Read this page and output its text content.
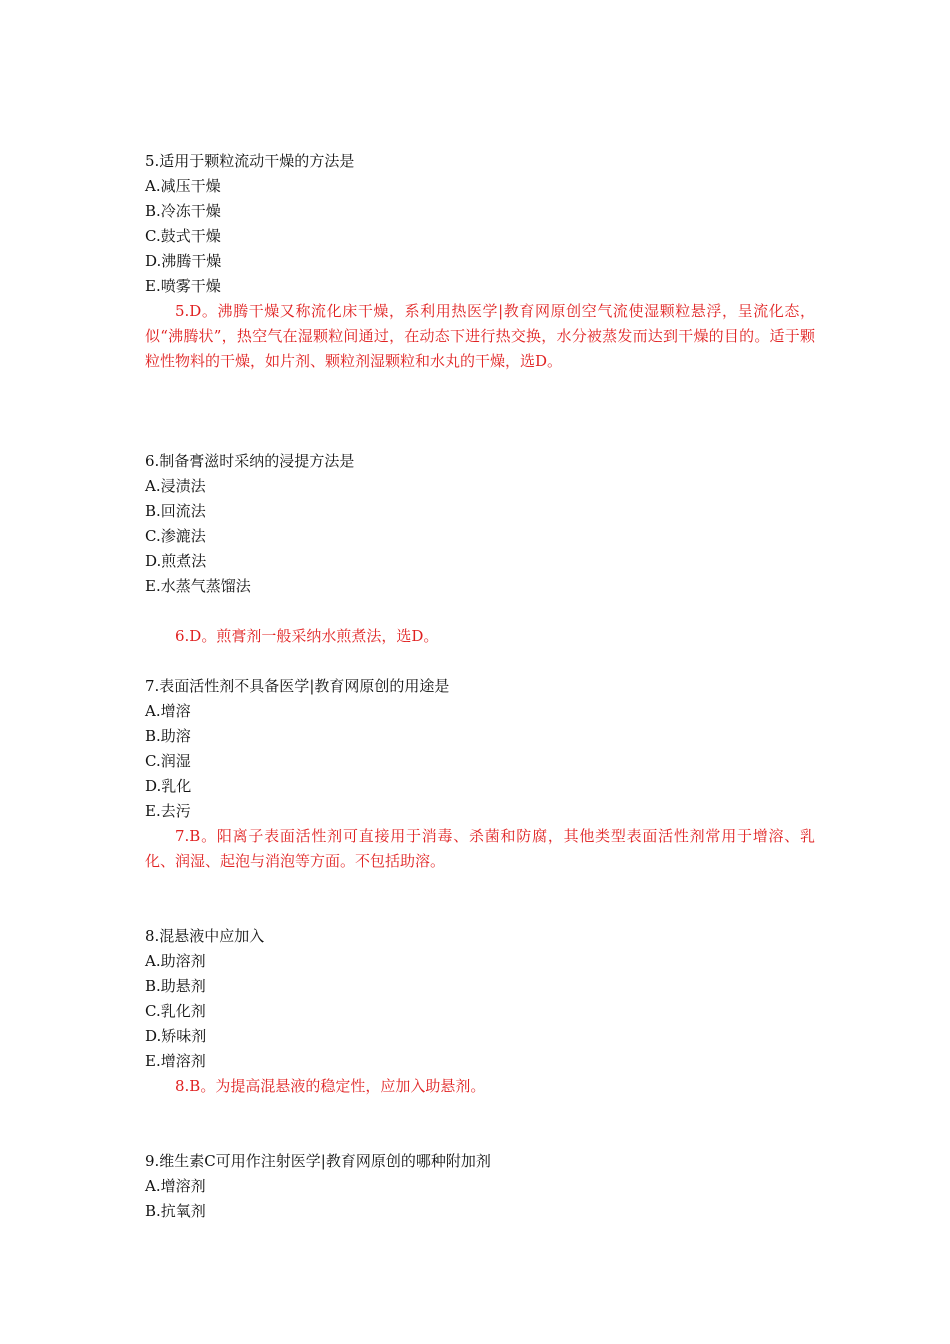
5.适用于颗粒流动干燥的方法是
A.减压干燥
B.冷冻干燥
C.鼓式干燥
D.沸腾干燥
E.喷雾干燥

5.D。沸腾干燥又称流化床干燥，系利用热医学|教育网原创空气流使湿颗粒悬浮，呈流化态，似“沸腾状”，热空气在湿颗粒间通过，在动态下进行热交换，水分被蒸发而达到干燥的目的。适于颗粒性物料的干燥，如片剂、颗粒剂湿颗粒和水丸的干燥，选D。

6.制备膏滋时采纳的浸提方法是
A.浸渍法
B.回流法
C.渗漉法
D.煎煮法
E.水蒸气蒸馏法

6.D。煎膏剂一般采纳水煎煮法，选D。

7.表面活性剂不具备医学|教育网原创的用途是
A.增溶
B.助溶
C.润湿
D.乳化
E.去污

7.B。阳离子表面活性剂可直接用于消毒、杀菌和防腐，其他类型表面活性剂常用于增溶、乳化、润湿、起泡与消泡等方面。不包括助溶。

8.混悬液中应加入
A.助溶剂
B.助悬剂
C.乳化剂
D.矫味剂
E.增溶剂

8.B。为提高混悬液的稳定性，应加入助悬剂。

9.维生素C可用作注射医学|教育网原创的哪种附加剂
A.增溶剂
B.抗氧剂
